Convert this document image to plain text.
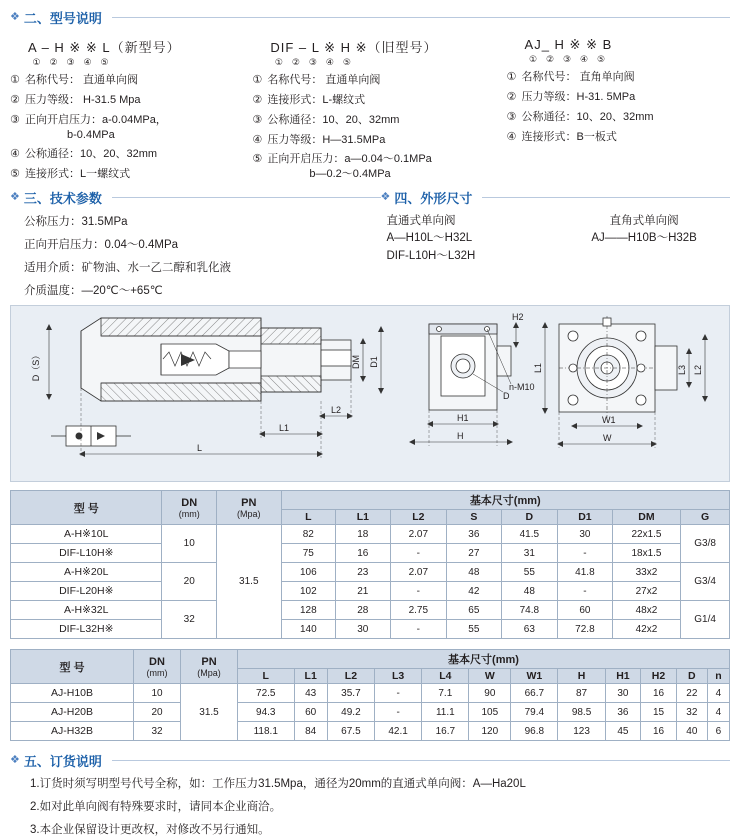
❖ 二、型号说明
A – H ※ ※ L（新型号）
① ② ③ ④ ⑤
① 名称代号： 直通单向阀
② 压力等级： H-31.5 Mpa
③ 正向开启压力：a-0.04MPa，
b-0.4MPa
④ 公称通径：10、20、32mm
⑤ 连接形式：L一螺纹式
DIF – L ※ H ※（旧型号）
① ② ③ ④ ⑤
① 名称代号： 直通单向阀
② 连接形式：L-螺纹式
③ 公称通径：10、20、32mm
④ 压力等级：H—31.5MPa
⑤ 正向开启压力：a—0.04～0.1MPa
b—0.2～0.4MPa
AJ_ H ※ ※ B
① ② ③ ④ ⑤
① 名称代号： 直角单向阀
② 压力等级：H-31. 5MPa
③ 公称通径：10、20、32mm
④ 连接形式：B一板式
❖ 三、技术参数
公称压力：31.5MPa
正向开启压力：0.04～0.4MPa
适用介质：矿物油、水一乙二醇和乳化液
介质温度：—20℃～+65℃
❖ 四、外形尺寸
直通式单向阀
A—H10L～H32L
DIF-L10H～L32H
直角式单向阀
AJ——H10B～H32B
D（S）	DM D1
L1
L2
L
H2
H1
H
n-M10
D
L1
W1
W
L3 L2
型 号	DN
(mm)

PN
(Mpa)
	基本尺寸(mm)
			L	L1	L2	S	D	D1	DM	G
A-H※10L	10	31.5	82	18	2.07	36	41.5	30	22x1.5	G3/8
DIF-L10H※			75	16	-	27	31	-	18x1.5	
A-H※20L	20		106	23	2.07	48	55	41.8	33x2	G3/4
DIF-L20H※			102	21	-	42	48	-	27x2	
A-H※32L	32		128	28	2.75	65	74.8	60	48x2	G1/4
DIF-L32H※			140	30	-	55	63	72.8	42x2	
型 号	DN
(mm)

PN
(Mpa)
	基本尺寸(mm)
			L	L1	L2	L3	L4	W	W1	H	H1	H2	D	n
AJ-H10B	10	31.5	72.5	43	35.7	-	7.1	90	66.7	87	30	16	22	4
AJ-H20B	20		94.3	60	49.2	-	11.1	105	79.4	98.5	36	15	32	4
AJ-H32B	32		118.1	84	67.5	42.1	16.7	120	96.8	123	45	16	40	6
❖ 五、订货说明
1.订货时须写明型号代号全称，如：工作压力31.5Mpa，通径为20mm的直通式单向阀：A—Ha20L
2.如对此单向阀有特殊要求时，请同本企业商洽。
3.本企业保留设计更改权，对修改不另行通知。
